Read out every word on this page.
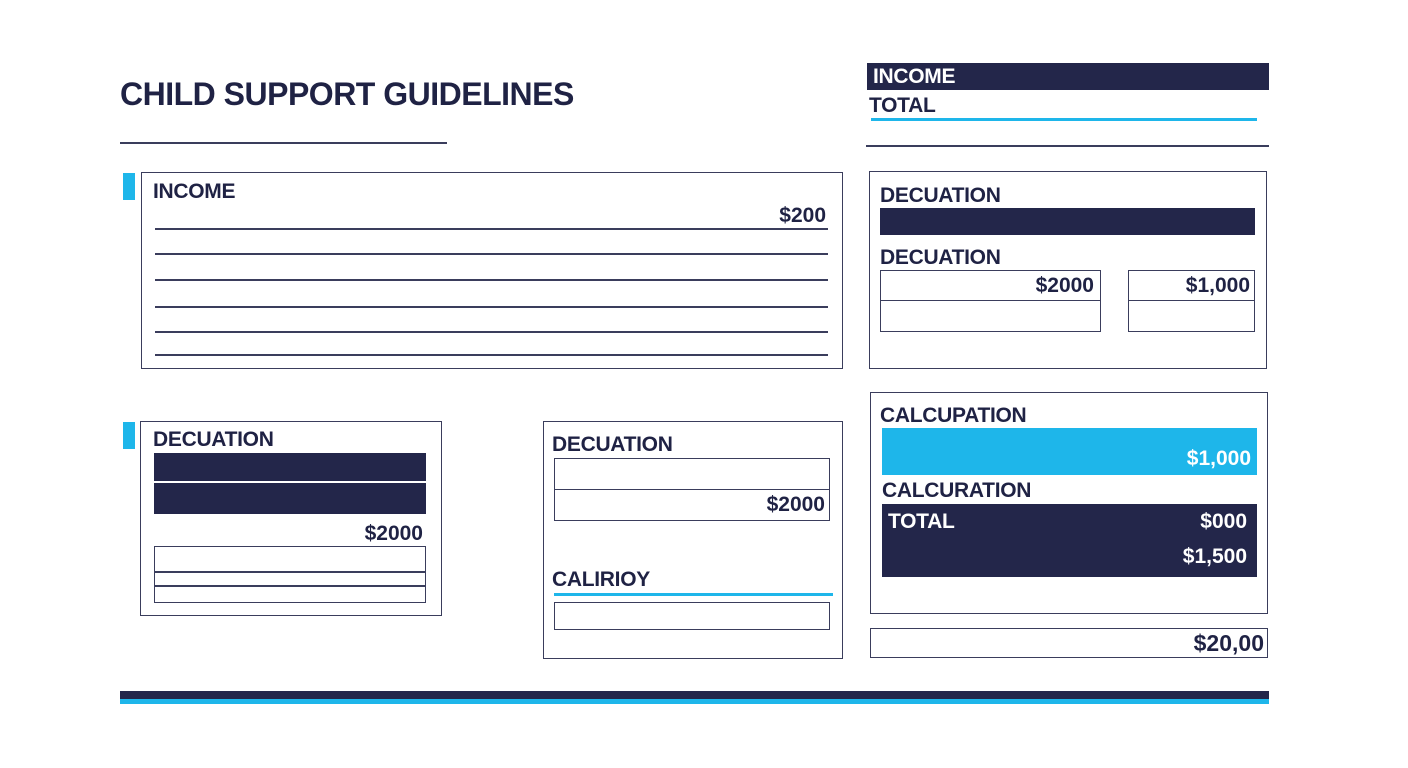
CHILD SUPPORT GUIDELINES	INCOME
TOTAL
INCOME
$200
DECUATION
DECUATION
$2000	$1,000
DECUATION
$2000
DECUATION
$2000
CALIRIOY
CALCUPATION
$1,000
CALCURATION
TOTAL	$000
$1,500
$20,00
